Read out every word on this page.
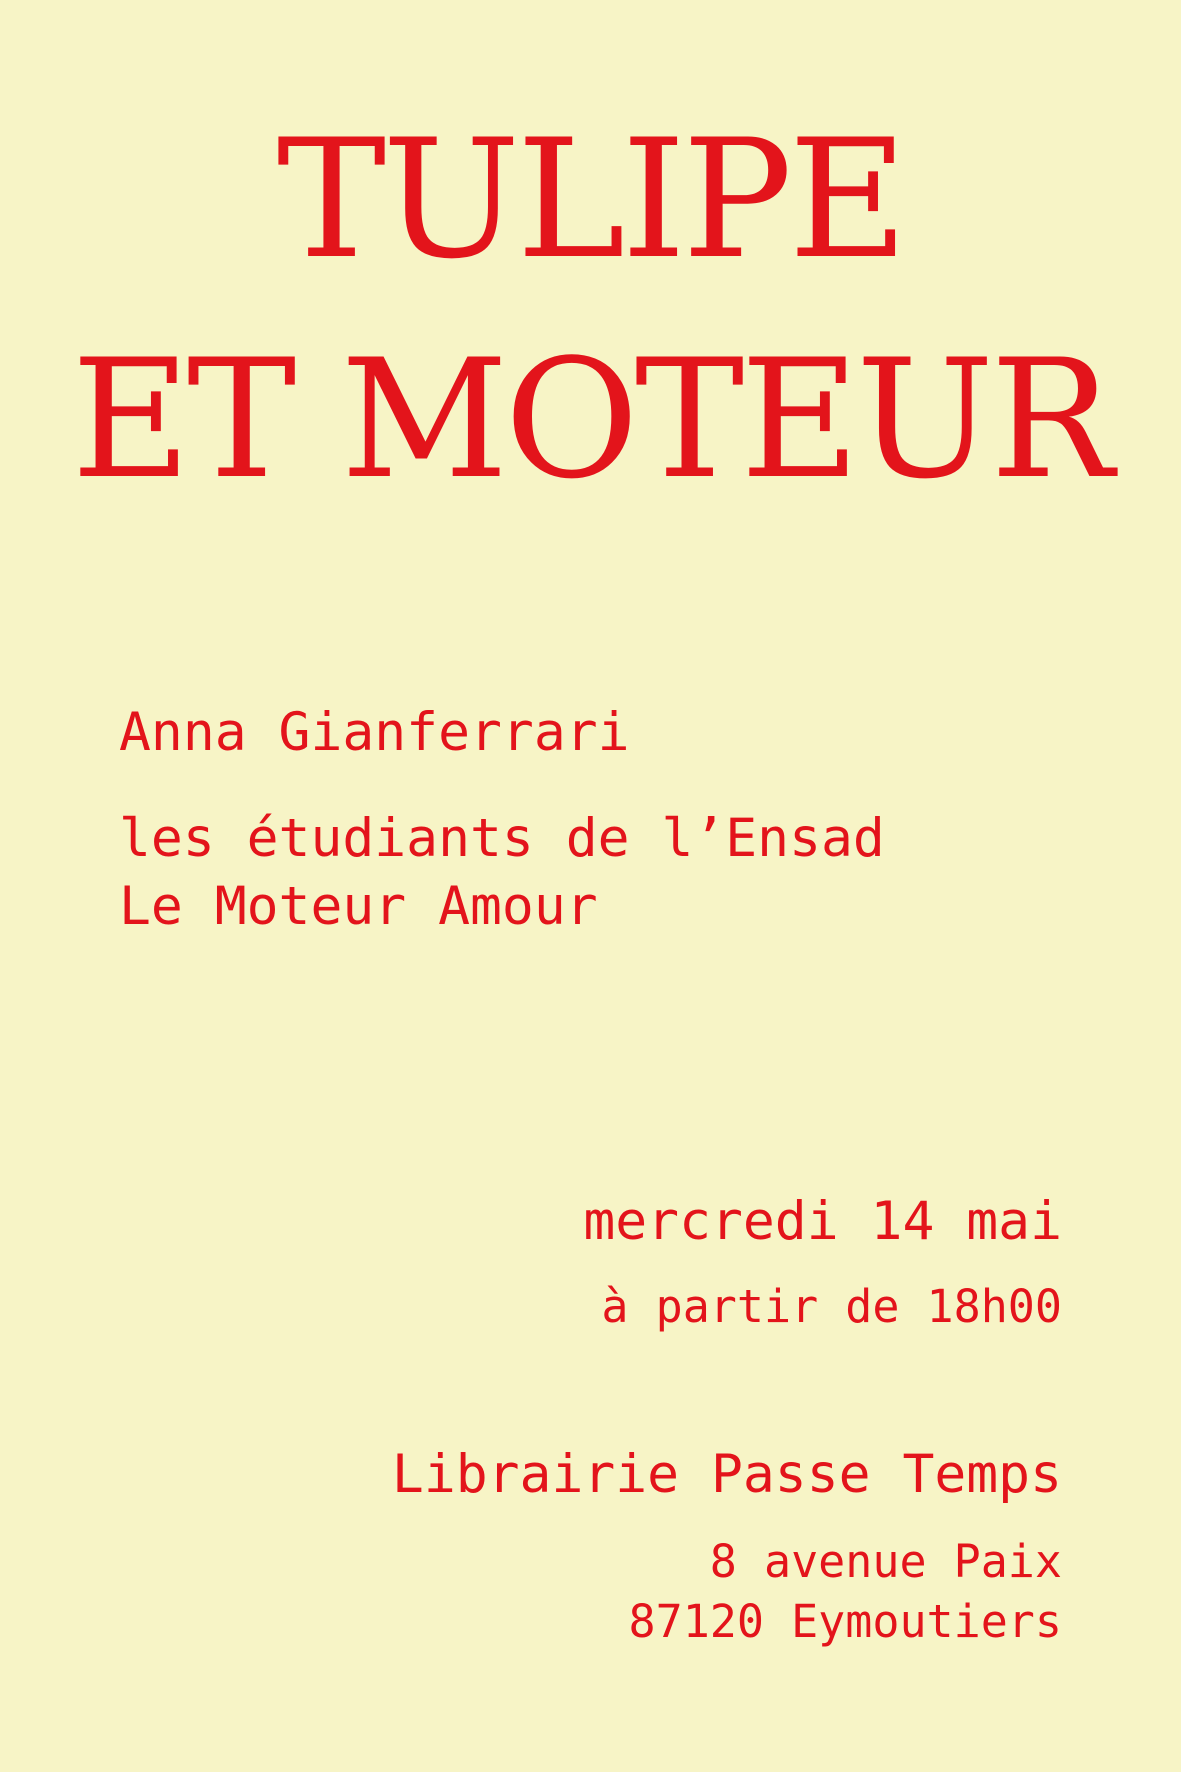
TULIPE
ET MOTEUR
Anna Gianferrari
les étudiants de l’Ensad
Le Moteur Amour
mercredi 14 mai
à partir de 18h00
Librairie Passe Temps
8 avenue Paix
87120 Eymoutiers
